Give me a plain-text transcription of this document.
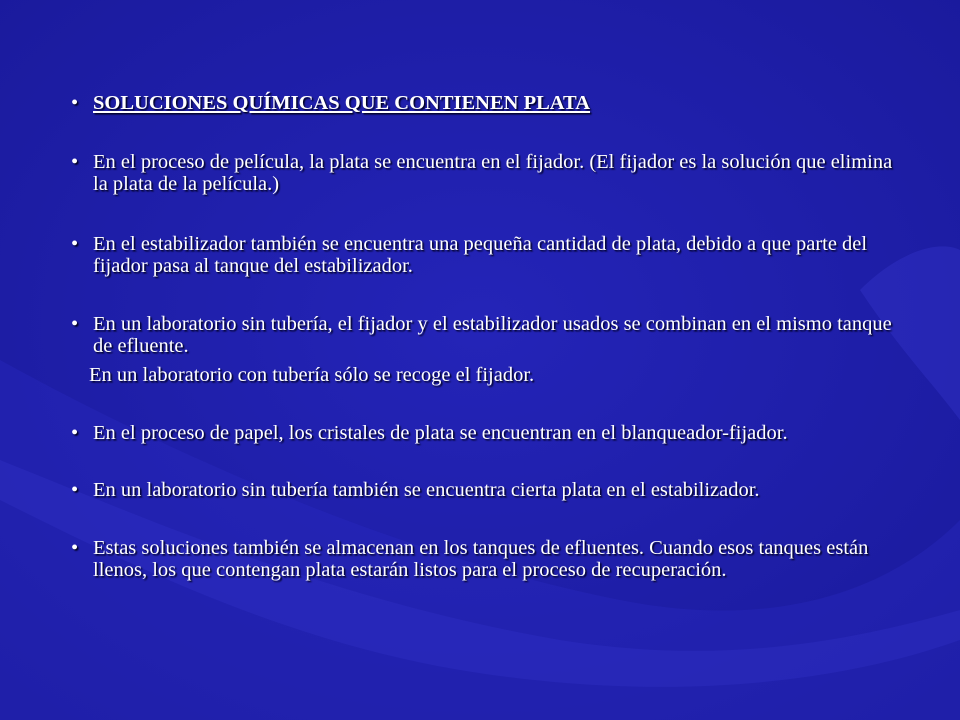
• SOLUCIONES QUÍMICAS QUE CONTIENEN PLATA
• En el proceso de película, la plata se encuentra en el fijador. (El fijador es la solución que elimina la plata de la película.)
• En el estabilizador también se encuentra una pequeña cantidad de plata, debido a que parte del fijador pasa al tanque del estabilizador.
• En un laboratorio sin tubería, el fijador y el estabilizador usados se combinan en el mismo tanque de efluente.
En un laboratorio con tubería sólo se recoge el fijador.
• En el proceso de papel, los cristales de plata se encuentran en el blanqueador-fijador.
• En un laboratorio sin tubería también se encuentra cierta plata en el estabilizador.
• Estas soluciones también se almacenan en los tanques de efluentes. Cuando esos tanques están llenos, los que contengan plata estarán listos para el proceso de recuperación.
